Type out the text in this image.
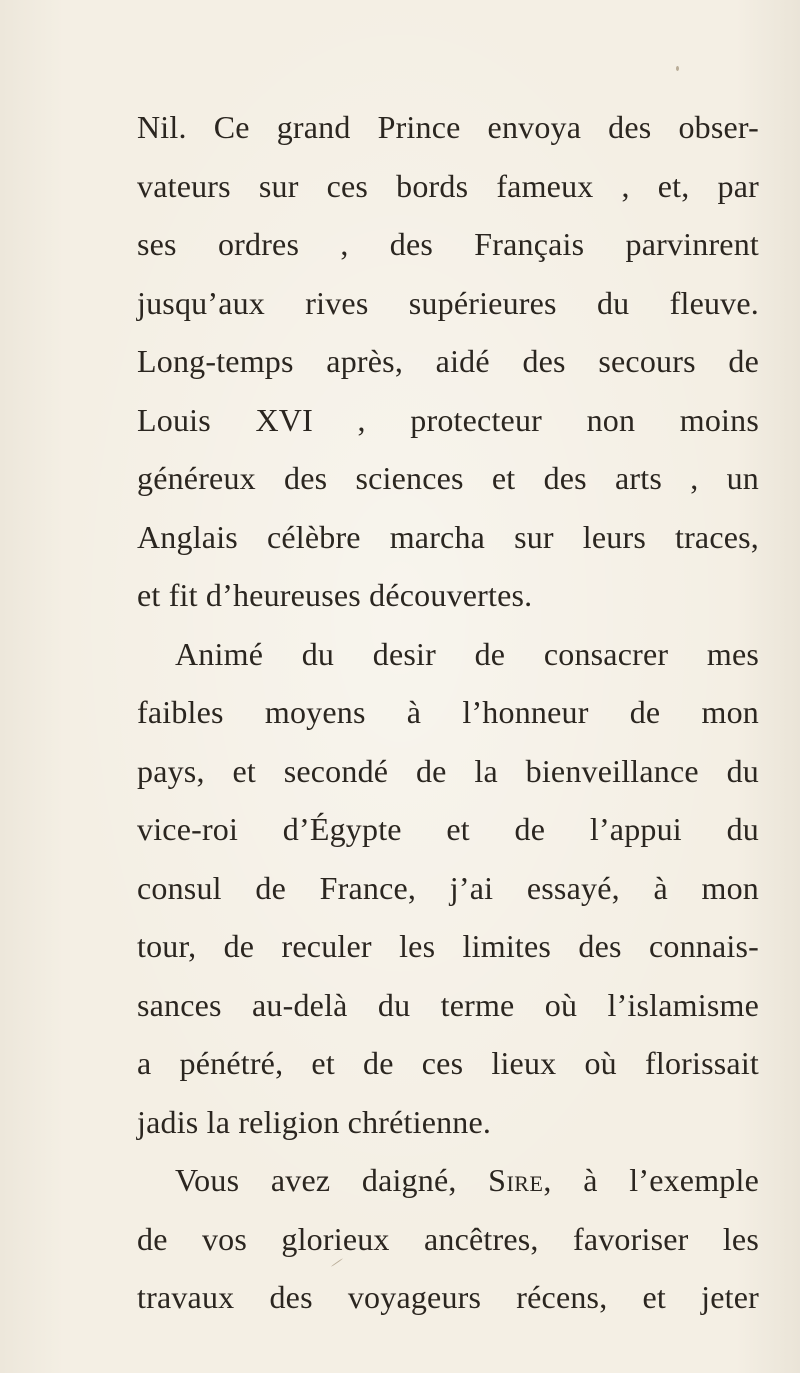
Nil. Ce grand Prince envoya des obser-
vateurs sur ces bords fameux , et, par
ses ordres , des Français parvinrent
jusqu’aux rives supérieures du fleuve.
Long-temps après, aidé des secours de
Louis XVI , protecteur non moins
généreux des sciences et des arts , un
Anglais célèbre marcha sur leurs traces,
et fit d’heureuses découvertes.
Animé du desir de consacrer mes
faibles moyens à l’honneur de mon
pays, et secondé de la bienveillance du
vice-roi d’Égypte et de l’appui du
consul de France, j’ai essayé, à mon
tour, de reculer les limites des connais-
sances au-delà du terme où l’islamisme
a pénétré, et de ces lieux où florissait
jadis la religion chrétienne.
Vous avez daigné, Sire, à l’exemple
de vos glorieux ancêtres, favoriser les
travaux des voyageurs récens, et jeter
